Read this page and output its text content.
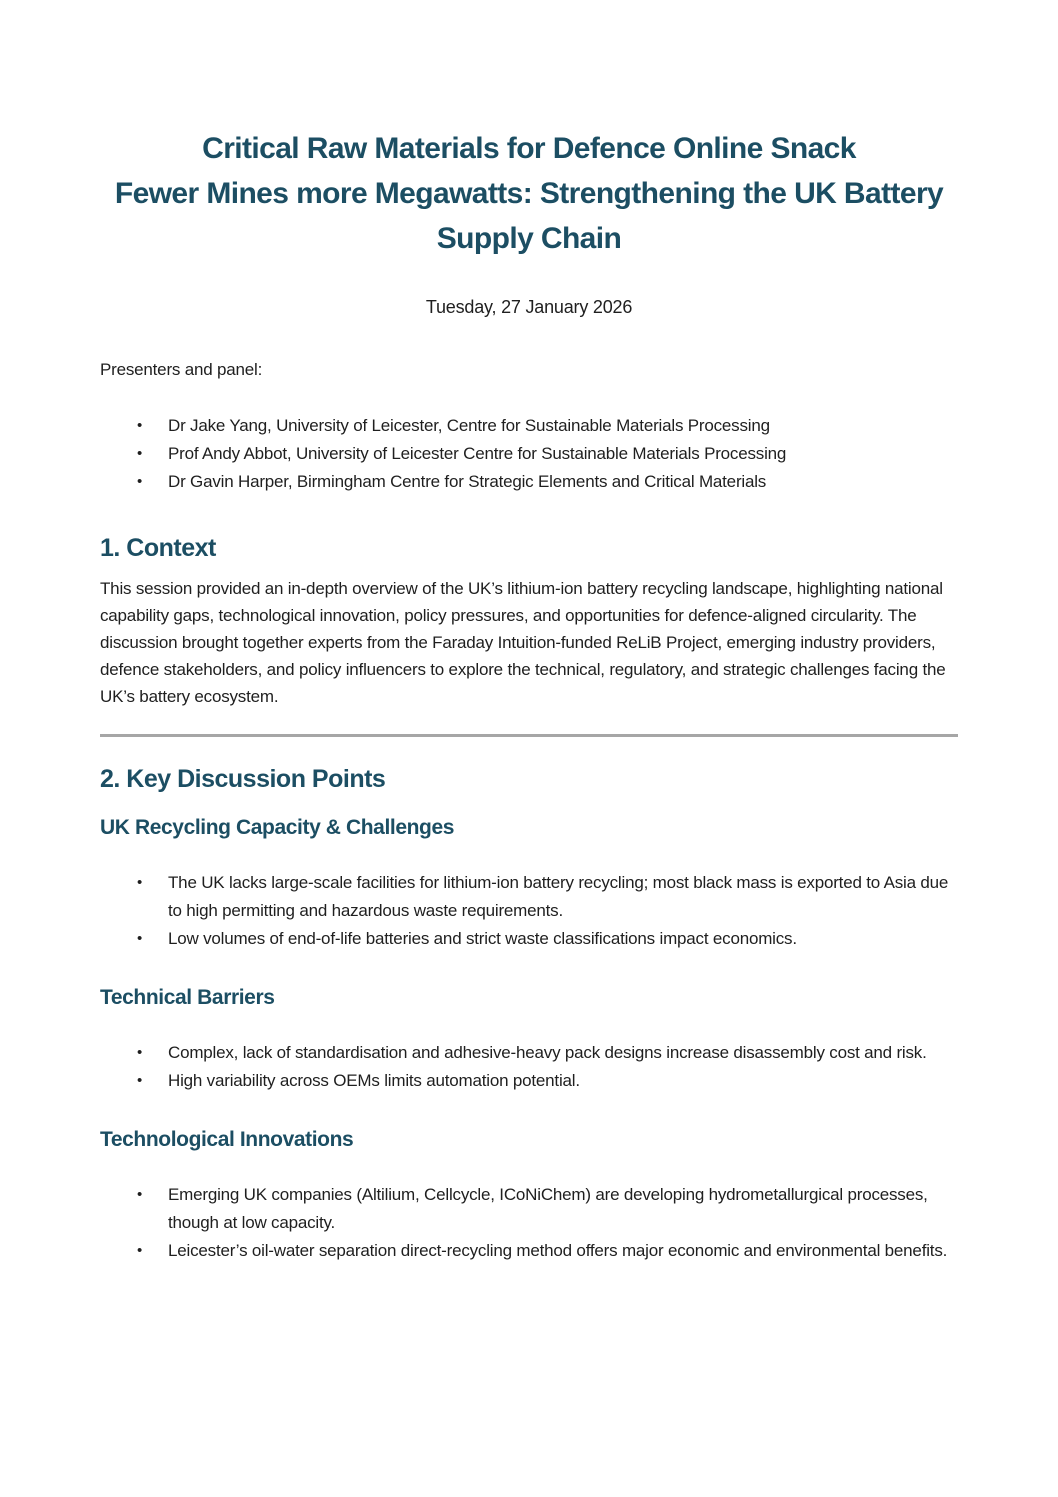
Critical Raw Materials for Defence Online Snack
Fewer Mines more Megawatts: Strengthening the UK Battery Supply Chain

Tuesday, 27 January 2026

Presenters and panel:

• Dr Jake Yang, University of Leicester, Centre for Sustainable Materials Processing
• Prof Andy Abbot, University of Leicester Centre for Sustainable Materials Processing
• Dr Gavin Harper, Birmingham Centre for Strategic Elements and Critical Materials
1. Context

This session provided an in-depth overview of the UK’s lithium-ion battery recycling landscape, highlighting national capability gaps, technological innovation, policy pressures, and opportunities for defence-aligned circularity. The discussion brought together experts from the Faraday Intuition-funded ReLiB Project, emerging industry providers, defence stakeholders, and policy influencers to explore the technical, regulatory, and strategic challenges facing the UK’s battery ecosystem.

2. Key Discussion Points
UK Recycling Capacity & Challenges
• The UK lacks large-scale facilities for lithium-ion battery recycling; most black mass is exported to Asia due to high permitting and hazardous waste requirements.
• Low volumes of end-of-life batteries and strict waste classifications impact economics.
Technical Barriers
• Complex, lack of standardisation and adhesive-heavy pack designs increase disassembly cost and risk.
• High variability across OEMs limits automation potential.
Technological Innovations
• Emerging UK companies (Altilium, Cellcycle, ICoNiChem) are developing hydrometallurgical processes, though at low capacity.
• Leicester’s oil-water separation direct-recycling method offers major economic and environmental benefits.
